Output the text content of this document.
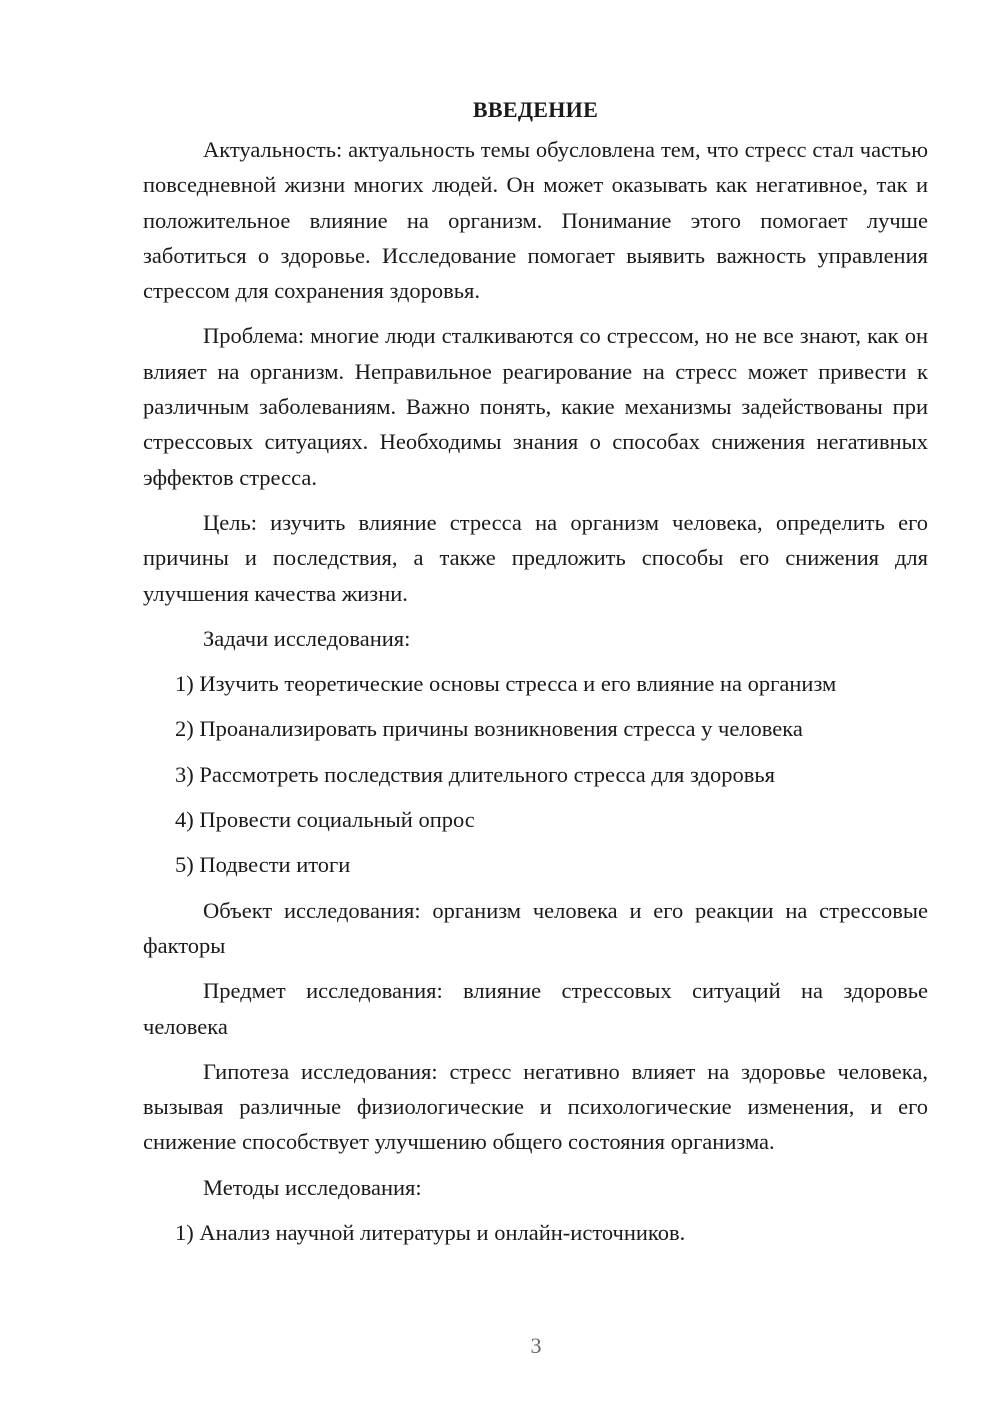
ВВЕДЕНИЕ

Актуальность: актуальность темы обусловлена тем, что стресс стал частью повседневной жизни многих людей. Он может оказывать как негативное, так и положительное влияние на организм. Понимание этого помогает лучше заботиться о здоровье. Исследование помогает выявить важность управления стрессом для сохранения здоровья.

Проблема: многие люди сталкиваются со стрессом, но не все знают, как он влияет на организм. Неправильное реагирование на стресс может привести к различным заболеваниям. Важно понять, какие механизмы задействованы при стрессовых ситуациях. Необходимы знания о способах снижения негативных эффектов стресса.

Цель: изучить влияние стресса на организм человека, определить его причины и последствия, а также предложить способы его снижения для улучшения качества жизни.

Задачи исследования:
1) Изучить теоретические основы стресса и его влияние на организм
2) Проанализировать причины возникновения стресса у человека
3) Рассмотреть последствия длительного стресса для здоровья
4) Провести социальный опрос
5) Подвести итоги

Объект исследования: организм человека и его реакции на стрессовые факторы

Предмет исследования: влияние стрессовых ситуаций на здоровье человека

Гипотеза исследования: стресс негативно влияет на здоровье человека, вызывая различные физиологические и психологические изменения, и его снижение способствует улучшению общего состояния организма.

Методы исследования:
1) Анализ научной литературы и онлайн-источников.
3
